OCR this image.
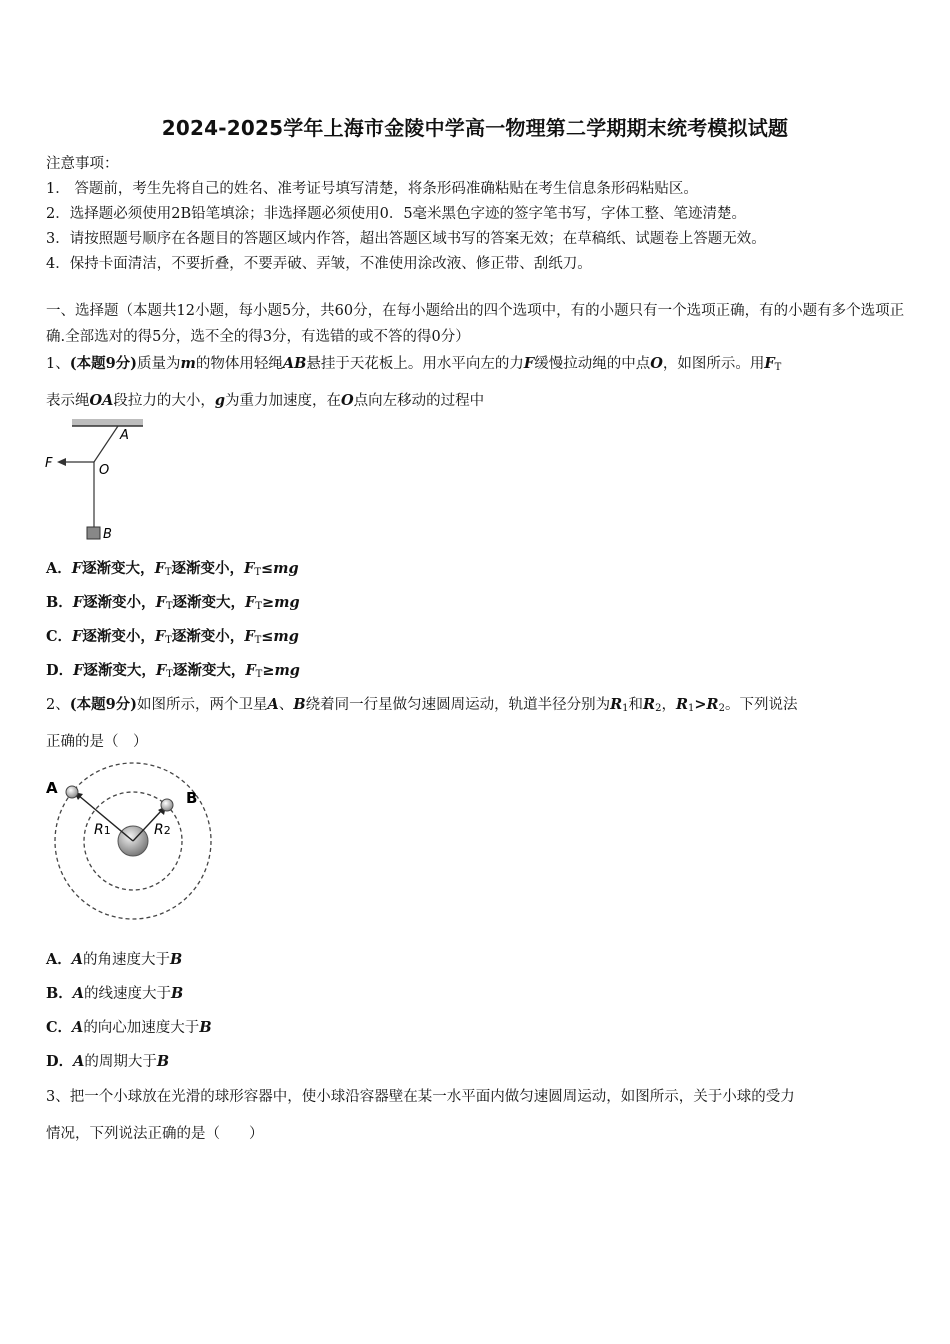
2024-2025学年上海市金陵中学高一物理第二学期期末统考模拟试题
注意事项：
1． 答题前，考生先将自己的姓名、准考证号填写清楚，将条形码准确粘贴在考生信息条形码粘贴区。
2．选择题必须使用2B铅笔填涂；非选择题必须使用0．5毫米黑色字迹的签字笔书写，字体工整、笔迹清楚。
3．请按照题号顺序在各题目的答题区域内作答，超出答题区域书写的答案无效；在草稿纸、试题卷上答题无效。
4．保持卡面清洁，不要折叠，不要弄破、弄皱，不准使用涂改液、修正带、刮纸刀。
一、选择题（本题共12小题，每小题5分，共60分，在每小题给出的四个选项中，有的小题只有一个选项正确，有的小题有多个选项正确.全部选对的得5分，选不全的得3分，有选错的或不答的得0分）
1、(本题9分)质量为m的物体用轻绳AB悬挂于天花板上。用水平向左的力F缓慢拉动绳的中点O，如图所示。用$F_T$
表示绳OA段拉力的大小，g为重力加速度，在O点向左移动的过程中
A
O
F
B
A．F逐渐变大，$F_T$逐渐变小，$F_T\le mg$
B．F逐渐变小，$F_T$逐渐变大，$F_T\ge mg$
C．F逐渐变小，$F_T$逐渐变小，$F_T\le mg$
D．F逐渐变大，$F_T$逐渐变大，$F_T\ge mg$
2、(本题9分)如图所示，两个卫星A、B绕着同一行星做匀速圆周运动，轨道半径分别为$R_1$和$R_2$，$R_1>R_2$。下列说法
正确的是（　）
A
B
R1	R2
A．A的角速度大于B
B．A的线速度大于B
C．A的向心加速度大于B
D．A的周期大于B
3、把一个小球放在光滑的球形容器中，使小球沿容器壁在某一水平面内做匀速圆周运动，如图所示，关于小球的受力
情况，下列说法正确的是（　　）
